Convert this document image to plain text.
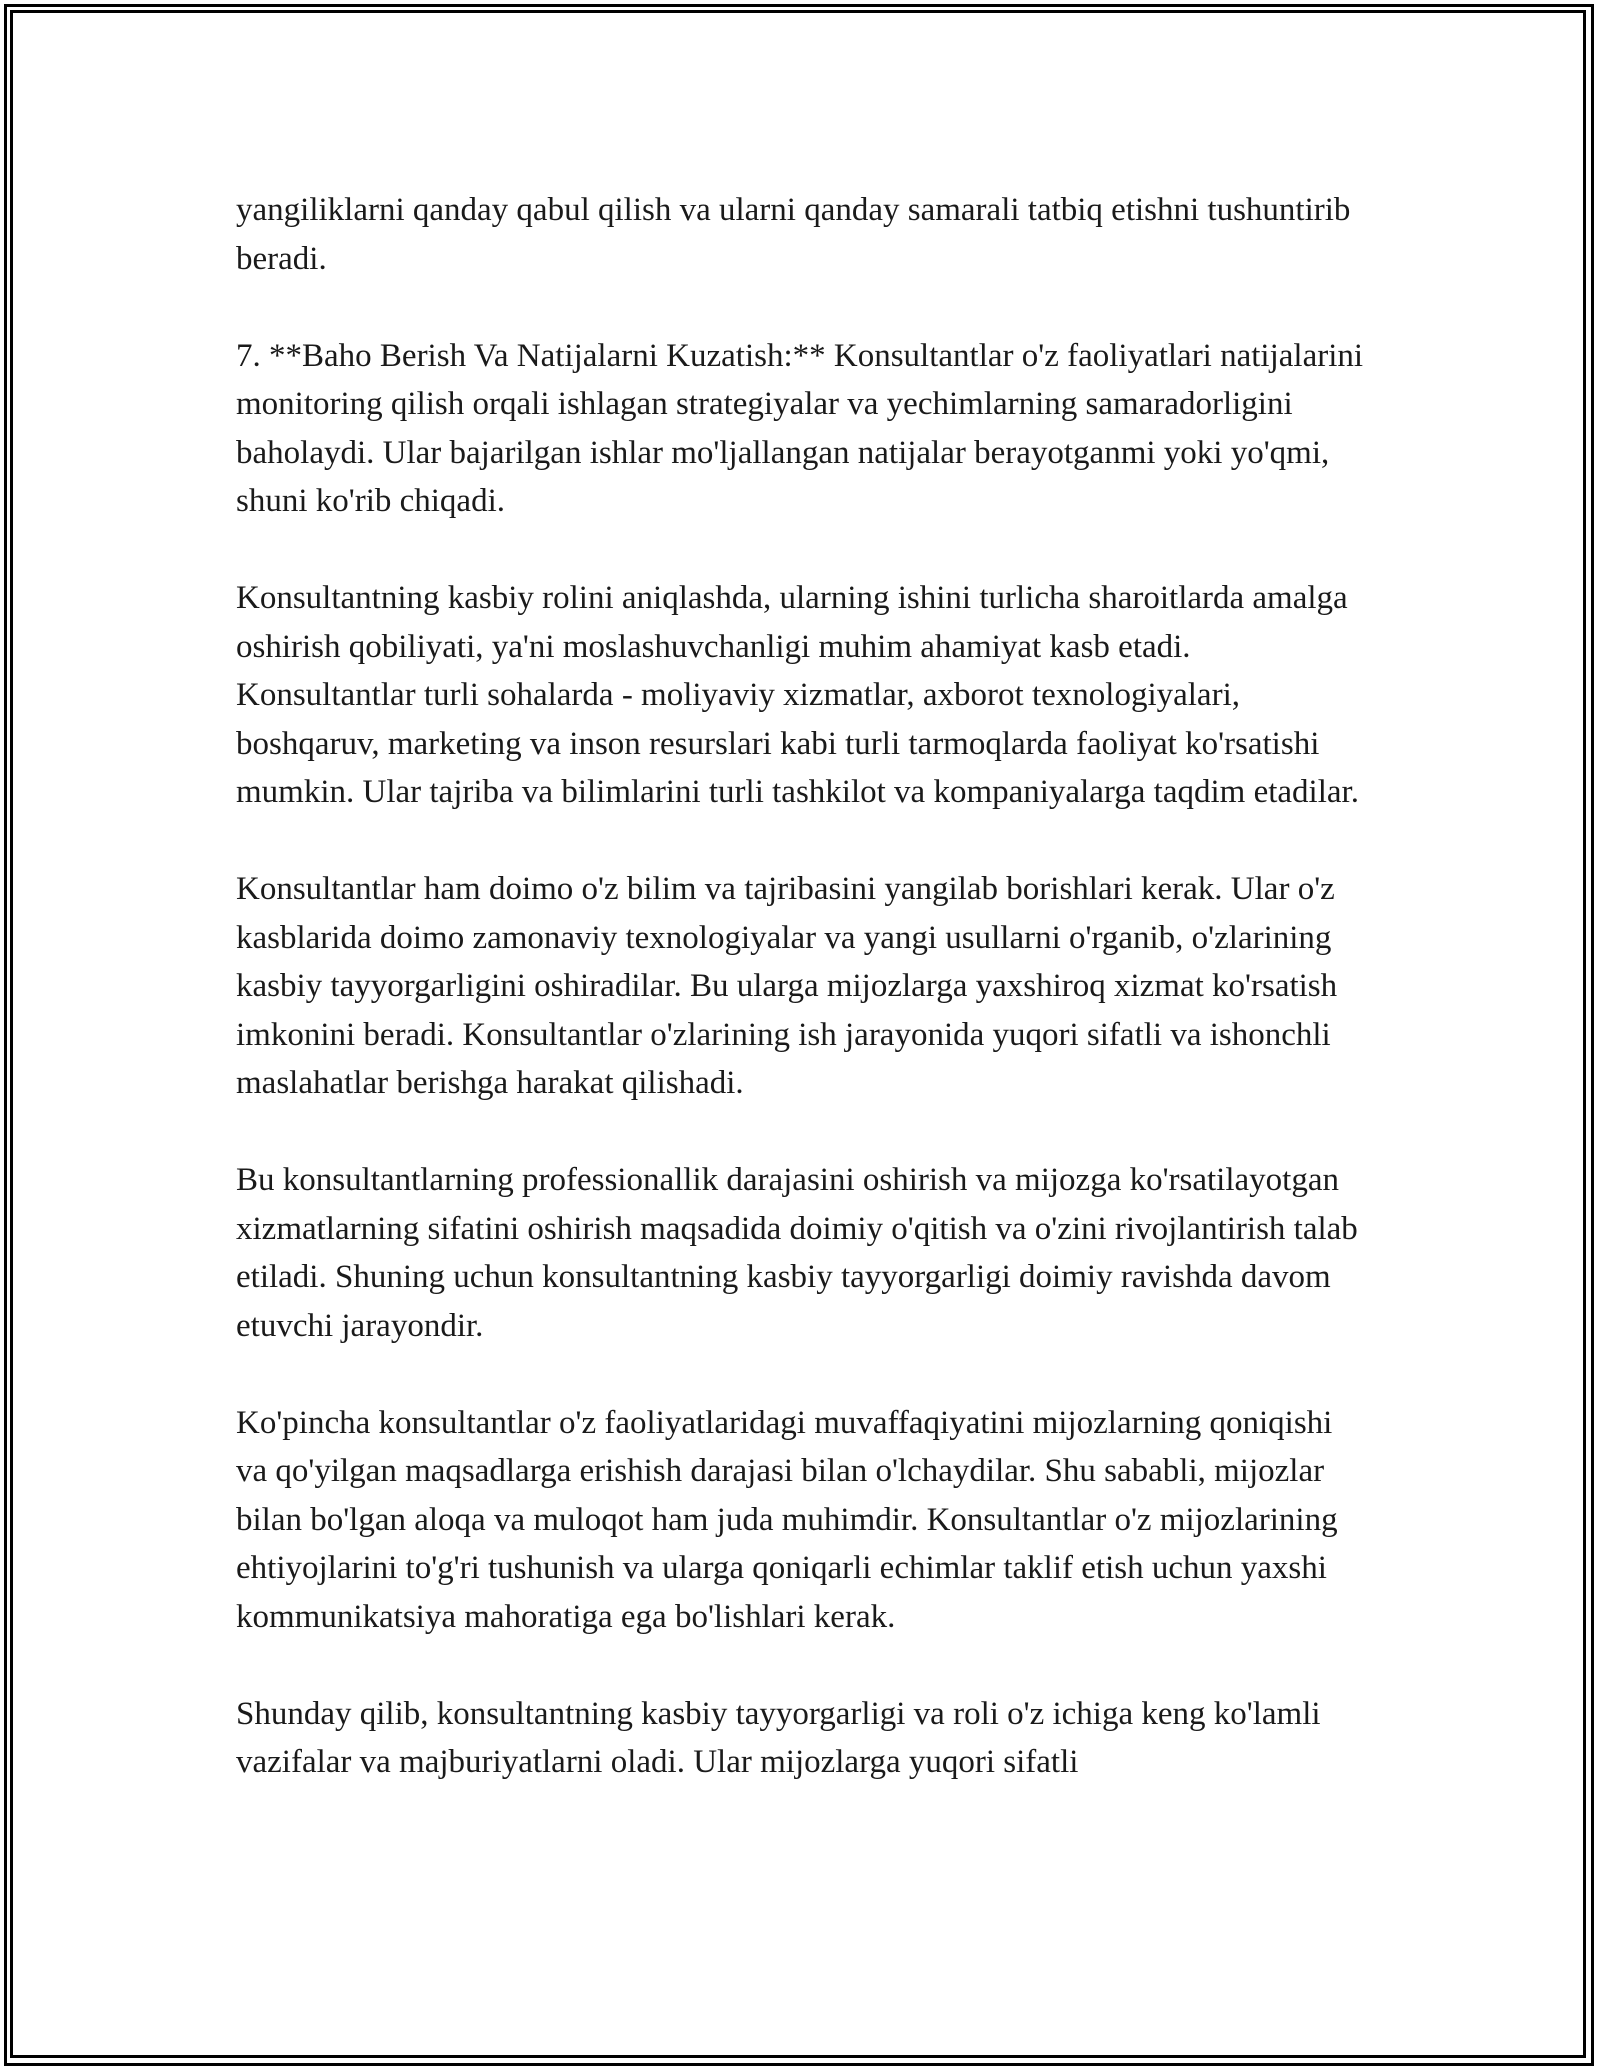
yangiliklarni qanday qabul qilish va ularni qanday samarali tatbiq etishni tushuntirib beradi.

7. **Baho Berish Va Natijalarni Kuzatish:** Konsultantlar o'z faoliyatlari natijalarini monitoring qilish orqali ishlagan strategiyalar va yechimlarning samaradorligini baholaydi. Ular bajarilgan ishlar mo'ljallangan natijalar berayotganmi yoki yo'qmi, shuni ko'rib chiqadi.

Konsultantning kasbiy rolini aniqlashda, ularning ishini turlicha sharoitlarda amalga oshirish qobiliyati, ya'ni moslashuvchanligi muhim ahamiyat kasb etadi. Konsultantlar turli sohalarda - moliyaviy xizmatlar, axborot texnologiyalari, boshqaruv, marketing va inson resurslari kabi turli tarmoqlarda faoliyat ko'rsatishi mumkin. Ular tajriba va bilimlarini turli tashkilot va kompaniyalarga taqdim etadilar.

Konsultantlar ham doimo o'z bilim va tajribasini yangilab borishlari kerak. Ular o'z kasblarida doimo zamonaviy texnologiyalar va yangi usullarni o'rganib, o'zlarining kasbiy tayyorgarligini oshiradilar. Bu ularga mijozlarga yaxshiroq xizmat ko'rsatish imkonini beradi. Konsultantlar o'zlarining ish jarayonida yuqori sifatli va ishonchli maslahatlar berishga harakat qilishadi.

Bu konsultantlarning professionallik darajasini oshirish va mijozga ko'rsatilayotgan xizmatlarning sifatini oshirish maqsadida doimiy o'qitish va o'zini rivojlantirish talab etiladi. Shuning uchun konsultantning kasbiy tayyorgarligi doimiy ravishda davom etuvchi jarayondir.

Ko'pincha konsultantlar o'z faoliyatlaridagi muvaffaqiyatini mijozlarning qoniqishi va qo'yilgan maqsadlarga erishish darajasi bilan o'lchaydilar. Shu sababli, mijozlar bilan bo'lgan aloqa va muloqot ham juda muhimdir. Konsultantlar o'z mijozlarining ehtiyojlarini to'g'ri tushunish va ularga qoniqarli echimlar taklif etish uchun yaxshi kommunikatsiya mahoratiga ega bo'lishlari kerak.

Shunday qilib, konsultantning kasbiy tayyorgarligi va roli o'z ichiga keng ko'lamli vazifalar va majburiyatlarni oladi. Ular mijozlarga yuqori sifatli
